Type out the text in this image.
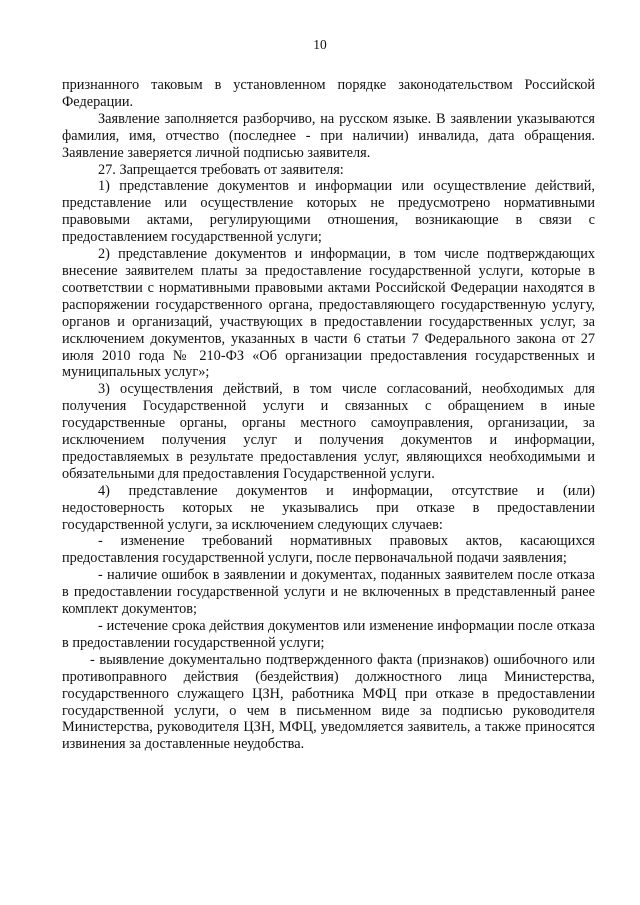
10

признанного таковым в установленном порядке законодательством Российской Федерации.

Заявление заполняется разборчиво, на русском языке. В заявлении указываются фамилия, имя, отчество (последнее - при наличии) инвалида, дата обращения. Заявление заверяется личной подписью заявителя.

27. Запрещается требовать от заявителя:

1) представление документов и информации или осуществление действий, представление или осуществление которых не предусмотрено нормативными правовыми актами, регулирующими отношения, возникающие в связи с предоставлением государственной услуги;

2) представление документов и информации, в том числе подтверждающих внесение заявителем платы за предоставление государственной услуги, которые в соответствии с нормативными правовыми актами Российской Федерации находятся в распоряжении государственного органа, предоставляющего государственную услугу, органов и организаций, участвующих в предоставлении государственных услуг, за исключением документов, указанных в части 6 статьи 7 Федерального закона от 27 июля 2010 года № 210-ФЗ «Об организации предоставления государственных и муниципальных услуг»;

3) осуществления действий, в том числе согласований, необходимых для получения Государственной услуги и связанных с обращением в иные государственные органы, органы местного самоуправления, организации, за исключением получения услуг и получения документов и информации, предоставляемых в результате предоставления услуг, являющихся необходимыми и обязательными для предоставления Государственной услуги.

4) представление документов и информации, отсутствие и (или) недостоверность которых не указывались при отказе в предоставлении государственной услуги, за исключением следующих случаев:

- изменение требований нормативных правовых актов, касающихся предоставления государственной услуги, после первоначальной подачи заявления;

- наличие ошибок в заявлении и документах, поданных заявителем после отказа в предоставлении государственной услуги и не включенных в представленный ранее комплект документов;

- истечение срока действия документов или изменение информации после отказа в предоставлении государственной услуги;

- выявление документально подтвержденного факта (признаков) ошибочного или противоправного действия (бездействия) должностного лица Министерства, государственного служащего ЦЗН, работника МФЦ при отказе в предоставлении государственной услуги, о чем в письменном виде за подписью руководителя Министерства, руководителя ЦЗН, МФЦ, уведомляется заявитель, а также приносятся извинения за доставленные неудобства.
